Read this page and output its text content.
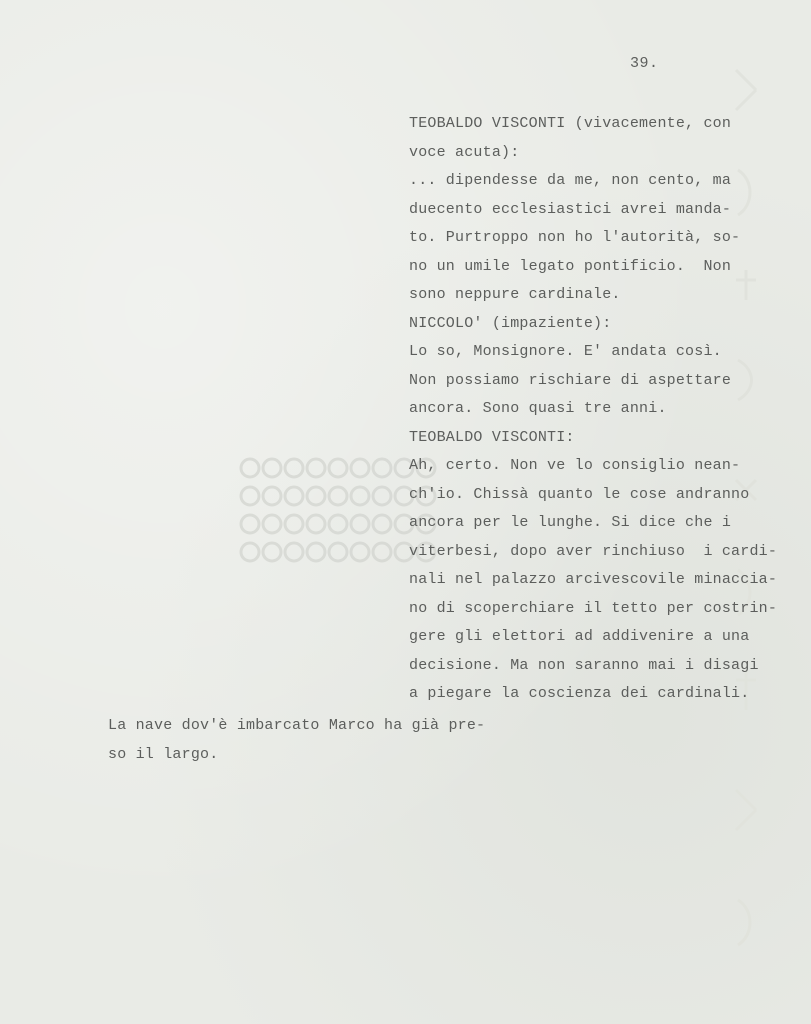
39.
TEOBALDO VISCONTI (vivacemente, con
voce acuta):
... dipendesse da me, non cento, ma
duecento ecclesiastici avrei manda-
to. Purtroppo non ho l'autorità, so-
no un umile legato pontificio.  Non
sono neppure cardinale.
NICCOLO' (impaziente):
Lo so, Monsignore. E' andata così.
Non possiamo rischiare di aspettare
ancora. Sono quasi tre anni.
TEOBALDO VISCONTI:
Ah, certo. Non ve lo consiglio nean-
ch'io. Chissà quanto le cose andranno
ancora per le lunghe. Si dice che i
viterbesi, dopo aver rinchiuso  i cardi-
nali nel palazzo arcivescovile minaccia-
no di scoperchiare il tetto per costrin-
gere gli elettori ad addivenire a una
decisione. Ma non saranno mai i disagi
a piegare la coscienza dei cardinali.
La nave dov'è imbarcato Marco ha già pre-
so il largo.
